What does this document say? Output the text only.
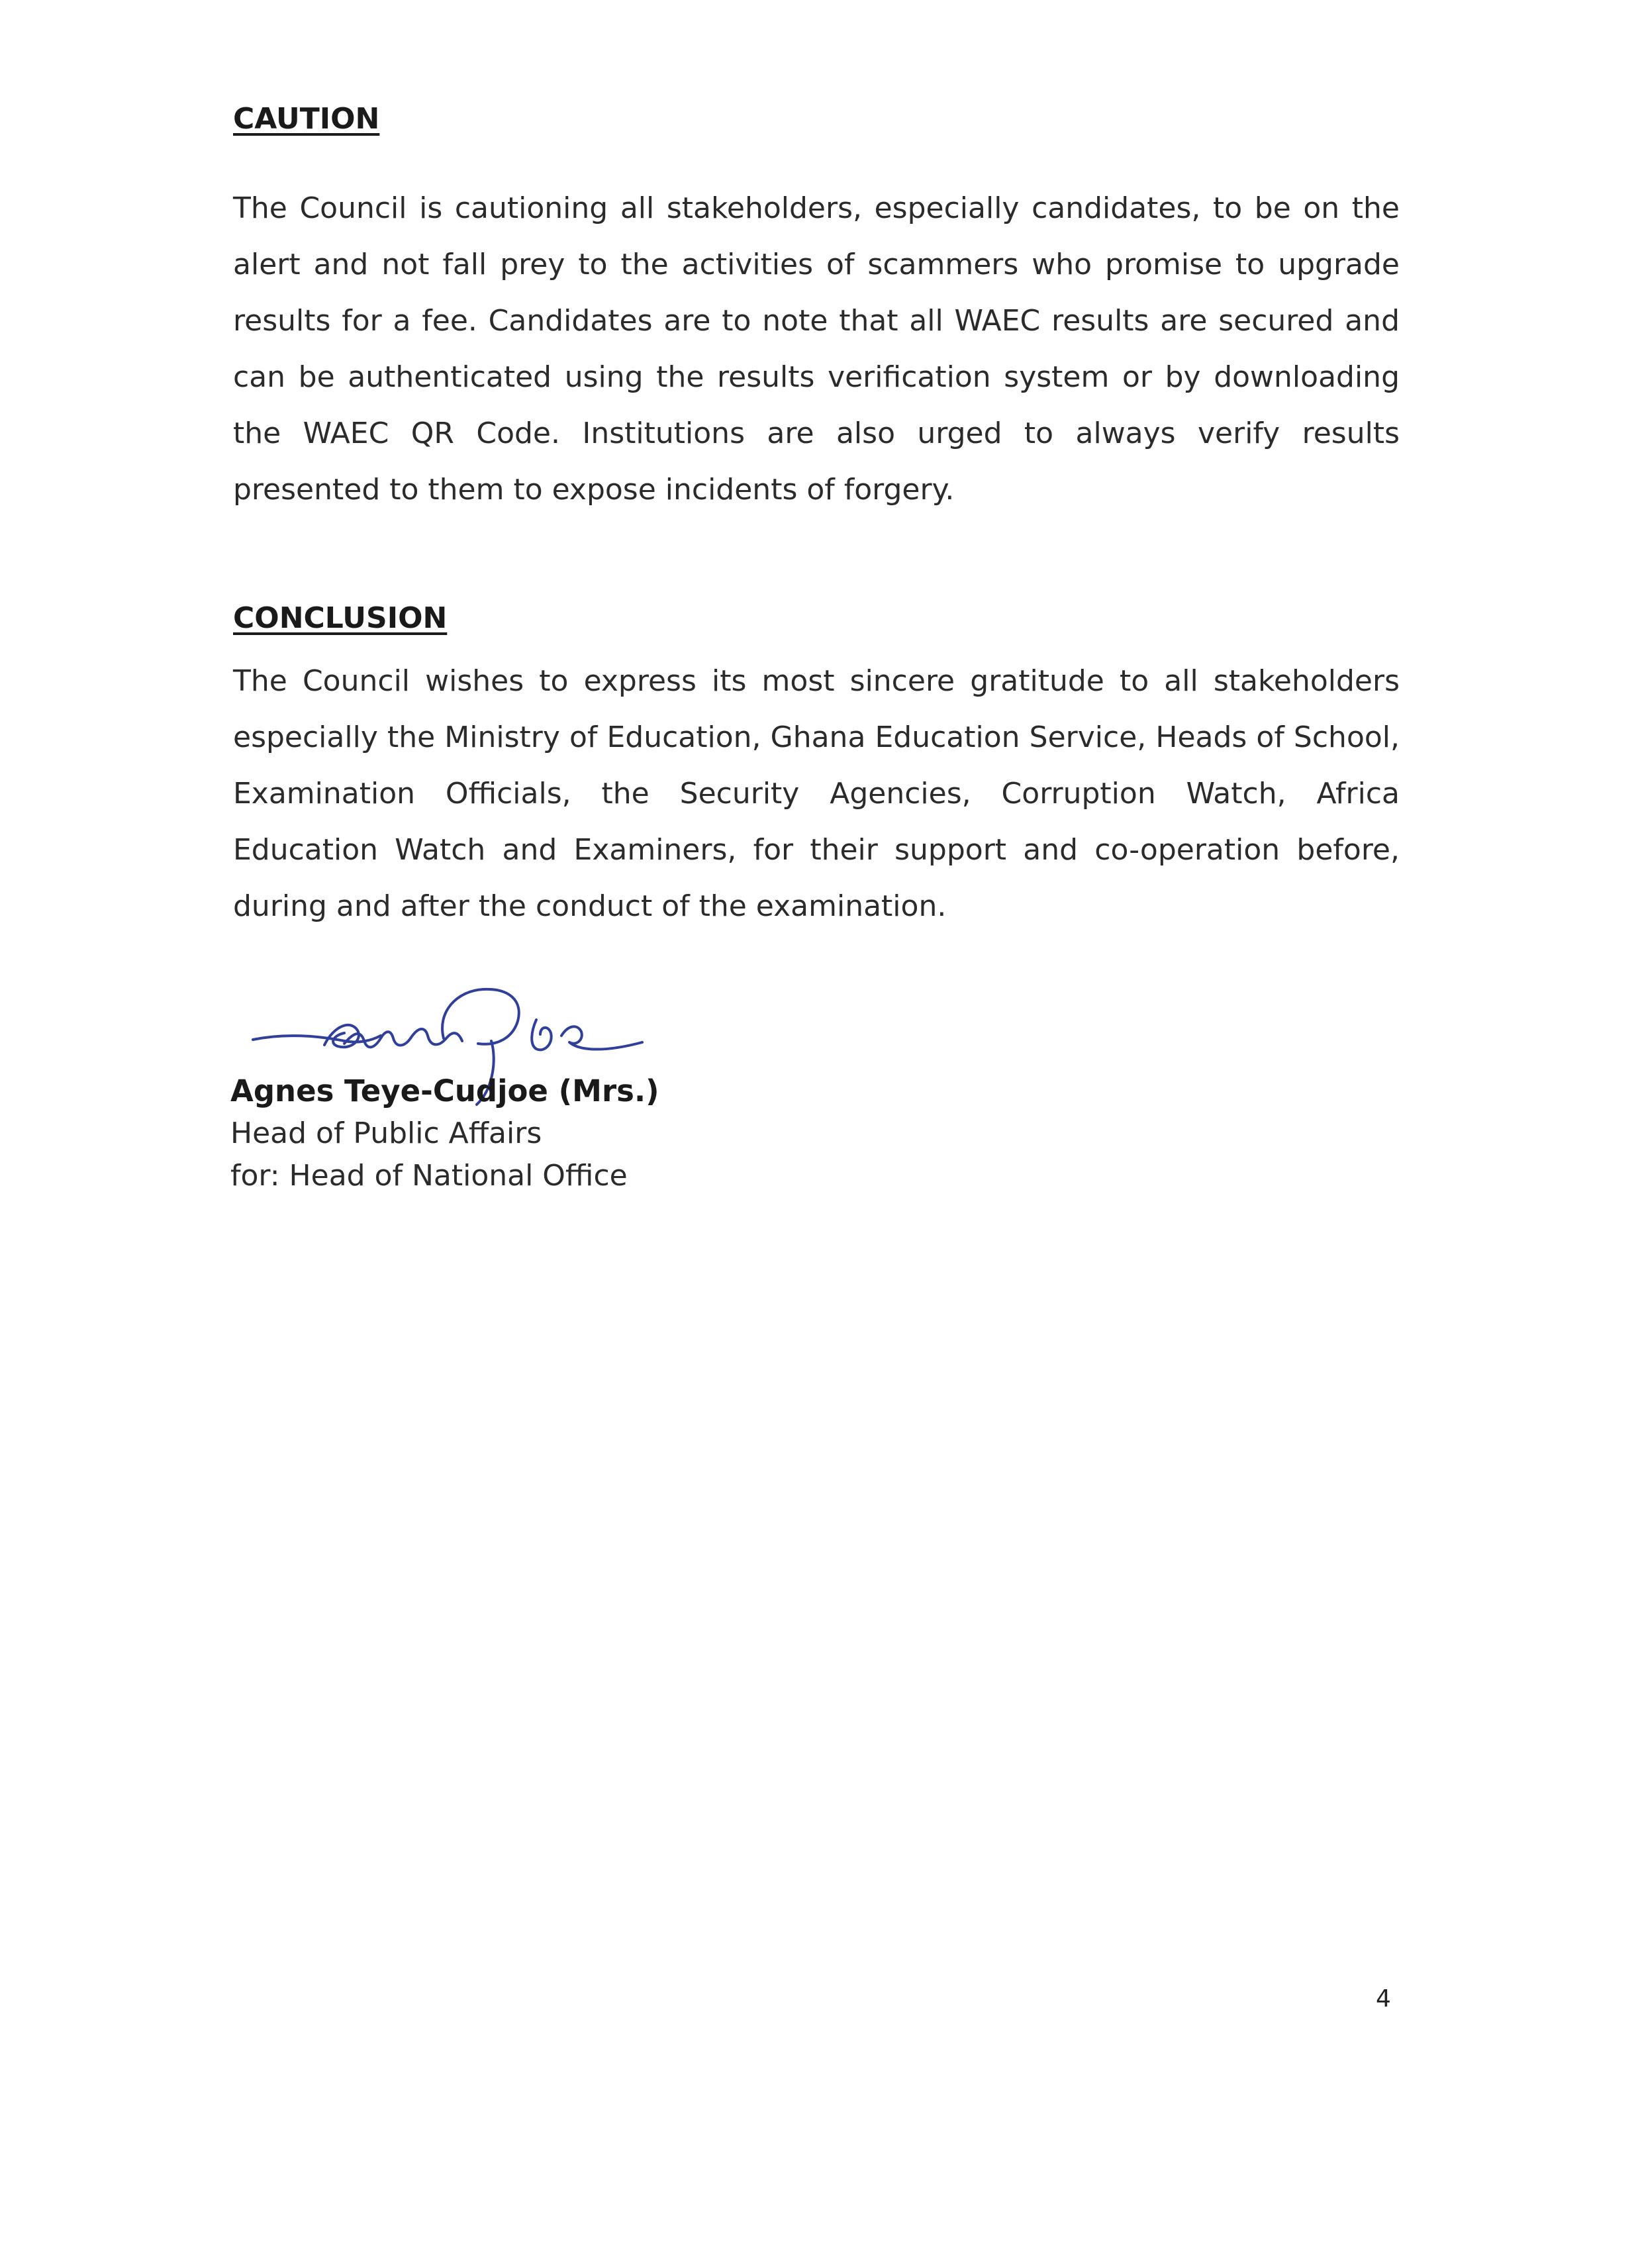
CAUTION

The Council is cautioning all stakeholders, especially candidates, to be on the alert and not fall prey to the activities of scammers who promise to upgrade results for a fee. Candidates are to note that all WAEC results are secured and can be authenticated using the results verification system or by downloading the WAEC QR Code. Institutions are also urged to always verify results presented to them to expose incidents of forgery.

CONCLUSION

The Council wishes to express its most sincere gratitude to all stakeholders especially the Ministry of Education, Ghana Education Service, Heads of School, Examination Officials, the Security Agencies, Corruption Watch, Africa Education Watch and Examiners, for their support and co-operation before, during and after the conduct of the examination.

Ttcudjoe

Agnes Teye-Cudjoe (Mrs.)

Head of Public Affairs

for: Head of National Office

4
